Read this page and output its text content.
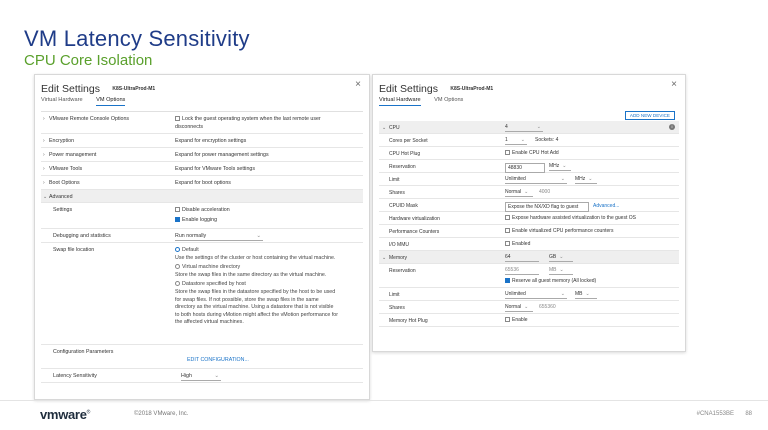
VM Latency Sensitivity
CPU Core Isolation
Edit Settings K8S-UltraProd-M1	×
Virtual Hardware VM Options
› VMware Remote Console Options	Lock the guest operating system when the last remote user disconnects
› Encryption	Expand for encryption settings
› Power management	Expand for power management settings
› VMware Tools	Expand for VMware Tools settings
› Boot Options	Expand for boot options
⌄ Advanced
Settings	Disable acceleration
Enable logging
Debugging and statistics	Run normally	⌄
Swap file location	Default
Use the settings of the cluster or host containing the virtual machine.
Virtual machine directory
Store the swap files in the same directory as the virtual machine.
Datastore specified by host
Store the swap files in the datastore specified by the host to be used for swap files. If not possible, store the swap files in the same directory as the virtual machine. Using a datastore that is not visible to both hosts during vMotion might affect the vMotion performance for the affected virtual machines.
Configuration Parameters
EDIT CONFIGURATION...
Latency Sensitivity	High	⌄
Edit Settings K8S-UltraProd-M1	×
Virtual Hardware VM Options
ADD NEW DEVICE
⌄ CPU	4	⌄	i
Cores per Socket	1	⌄ Sockets: 4
CPU Hot Plug	Enable CPU Hot Add
Reservation	48830	MHz ⌄
Limit	Unlimited	⌄ MHz ⌄
Shares	Normal ⌄	4000
CPUID Mask	Expose the NX/XD flag to guest	Advanced...
Hardware virtualization	Expose hardware assisted virtualization to the guest OS
Performance Counters	Enable virtualized CPU performance counters
I/O MMU	Enabled
⌄ Memory	64	GB ⌄
Reservation	65536	MB ⌄
Reserve all guest memory (All locked)
Limit	Unlimited	⌄ MB ⌄
Shares	Normal ⌄	655360
Memory Hot Plug	Enable
vmware®	©2018 VMware, Inc.	#CNA1553BE 88
